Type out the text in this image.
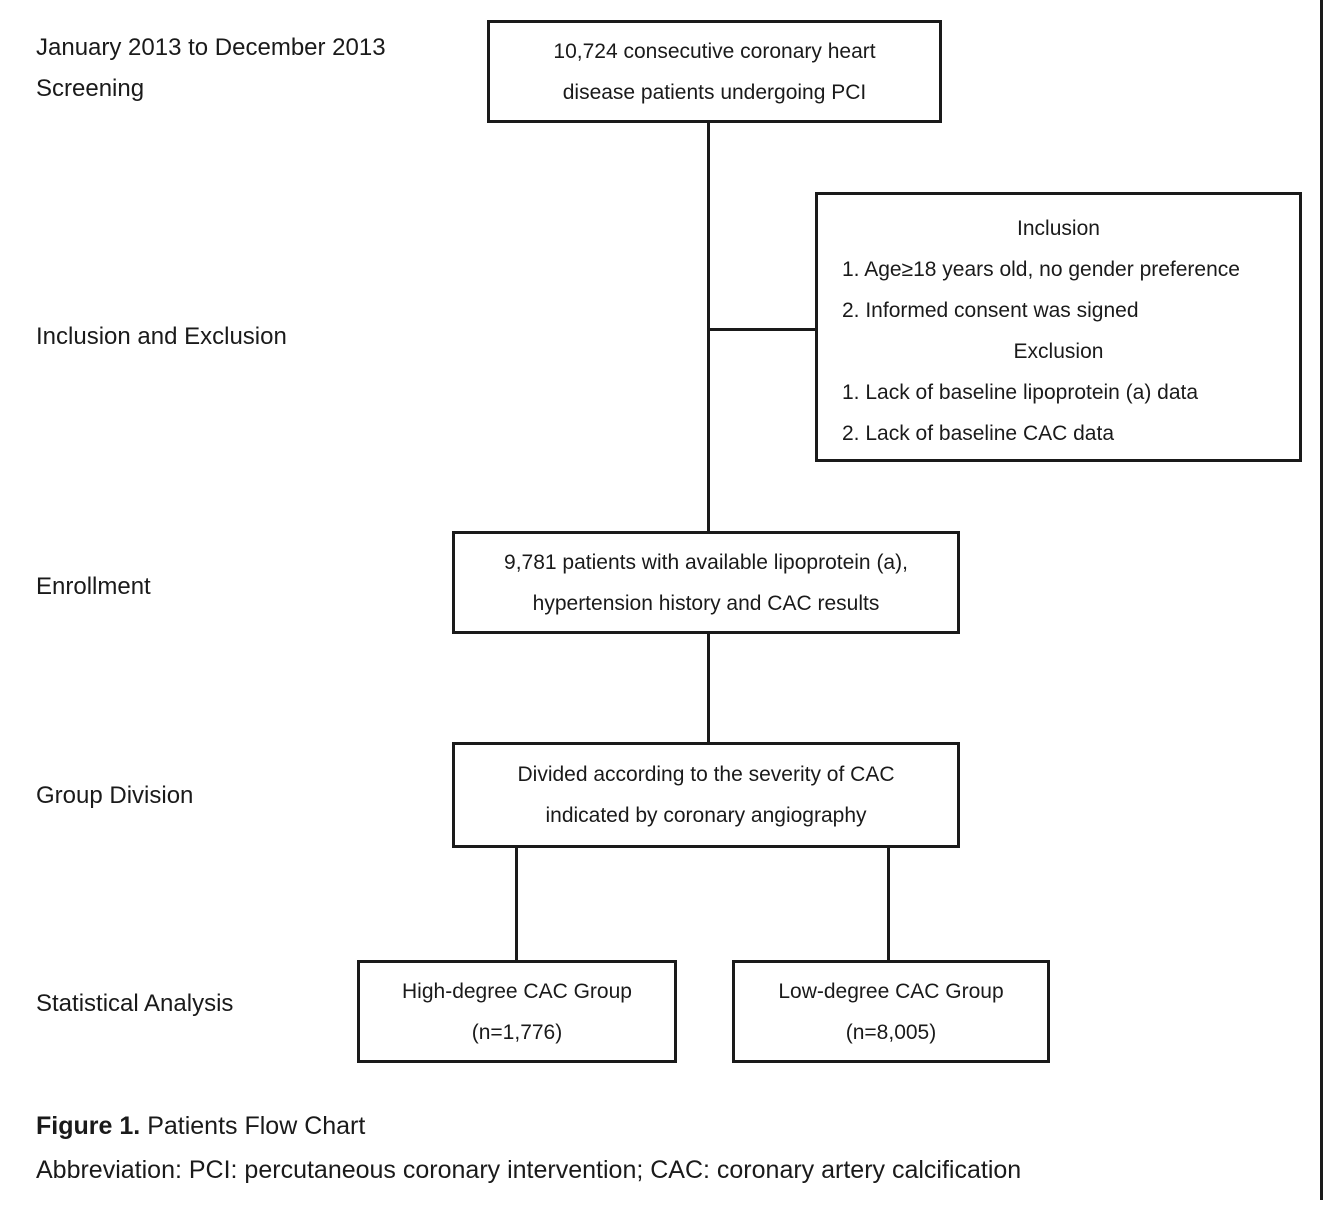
January 2013 to December 2013
Screening
Inclusion and Exclusion
Enrollment
Group Division
Statistical Analysis
10,724 consecutive coronary heart
disease patients undergoing PCI
Inclusion
1. Age≥18 years old, no gender preference
2. Informed consent was signed
Exclusion
1. Lack of baseline lipoprotein (a) data
2. Lack of baseline CAC data
9,781 patients with available lipoprotein (a),
hypertension history and CAC results
Divided according to the severity of CAC
indicated by coronary angiography
High-degree CAC Group
(n=1,776)
Low-degree CAC Group
(n=8,005)
Figure 1. Patients Flow Chart
Abbreviation: PCI: percutaneous coronary intervention; CAC: coronary artery calcification
